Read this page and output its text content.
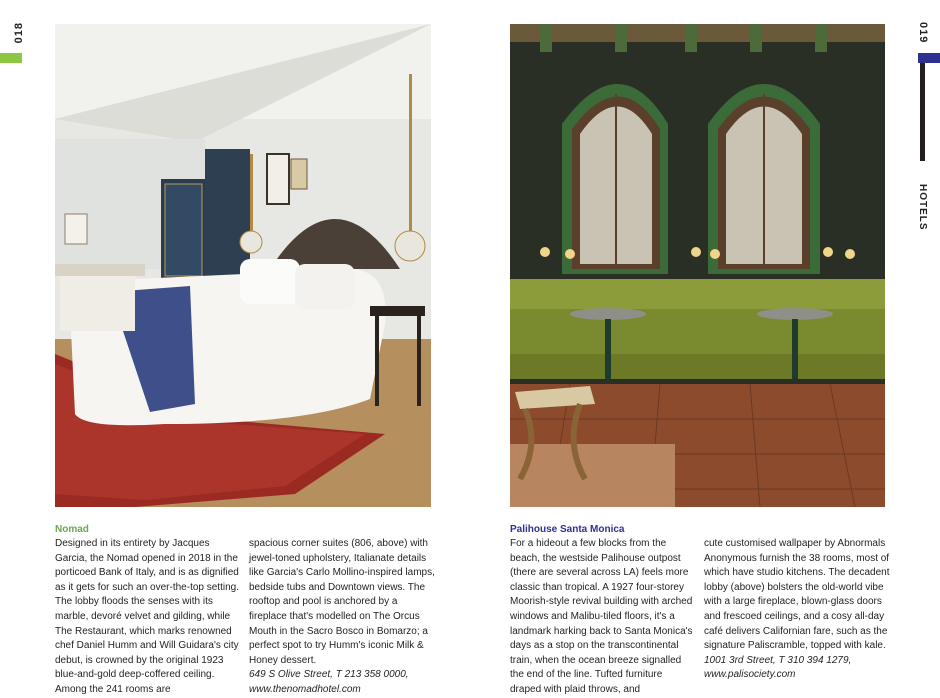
018	019
HOTELS
Nomad

Designed in its entirety by Jacques Garcia, the Nomad opened in 2018 in the porticoed Bank of Italy, and is as dignified as it gets for such an over-the-top setting. The lobby floods the senses with its marble, devoré velvet and gilding, while The Restaurant, which marks renowned chef Daniel Humm and Will Guidara's city debut, is crowned by the original 1923 blue-and-gold deep-coffered ceiling. Among the 241 rooms are

spacious corner suites (806, above) with jewel-toned upholstery, Italianate details like Garcia's Carlo Mollino-inspired lamps, bedside tubs and Downtown views. The rooftop and pool is anchored by a fireplace that's modelled on The Orcus Mouth in the Sacro Bosco in Bomarzo; a perfect spot to try Humm's iconic Milk & Honey dessert.

649 S Olive Street, T 213 358 0000,

www.thenomadhotel.com

Palihouse Santa Monica

For a hideout a few blocks from the beach, the westside Palihouse outpost (there are several across LA) feels more classic than tropical. A 1927 four-storey Moorish-style revival building with arched windows and Malibu-tiled floors, it's a landmark harking back to Santa Monica's days as a stop on the transcontinental train, when the ocean breeze signalled the end of the line. Tufted furniture draped with plaid throws, and

cute customised wallpaper by Abnormals Anonymous furnish the 38 rooms, most of which have studio kitchens. The decadent lobby (above) bolsters the old-world vibe with a large fireplace, blown-glass doors and frescoed ceilings, and a cosy all-day café delivers Californian fare, such as the signature Paliscramble, topped with kale.

1001 3rd Street, T 310 394 1279,

www.palisociety.com
